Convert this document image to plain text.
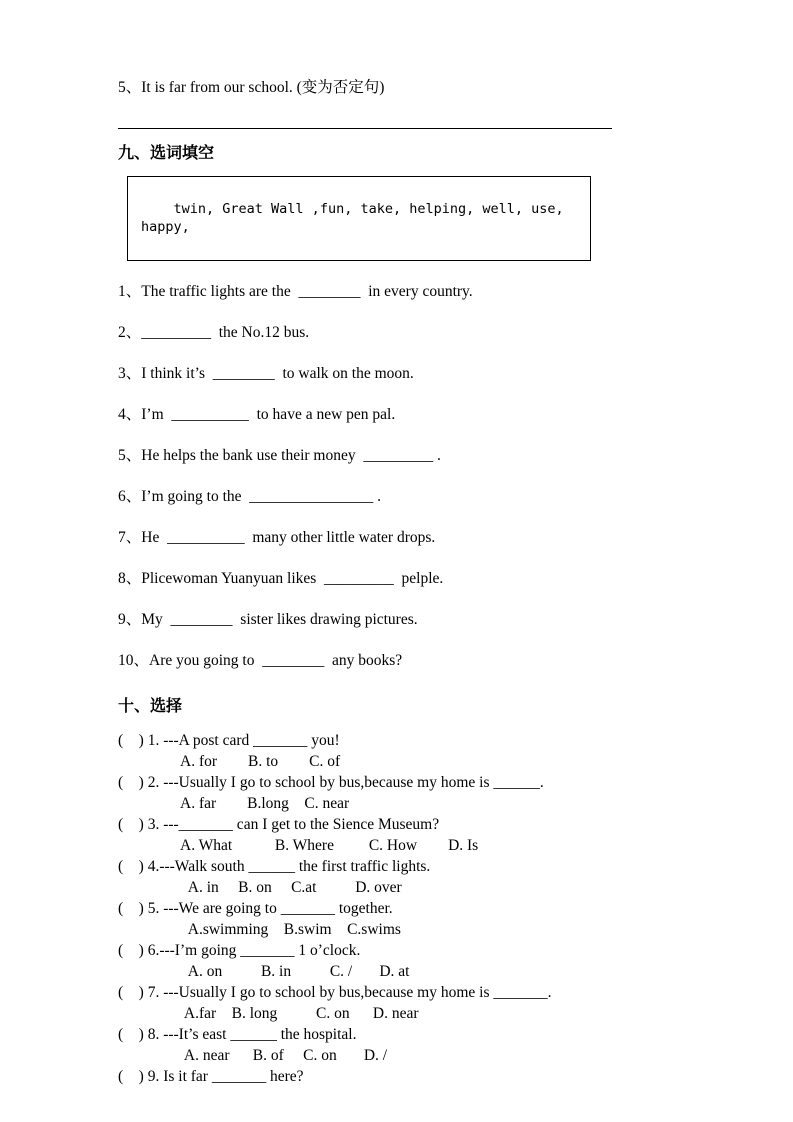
5、It is far from our school. (变为否定句)
九、选词填空

twin, Great Wall ,fun, take, helping, well, use, happy,

1、The traffic lights are the  ________  in every country.
2、_________  the No.12 bus.
3、I think it’s  ________  to walk on the moon.
4、I’m  __________  to have a new pen pal.
5、He helps the bank use their money  _________ .
6、I’m going to the  ________________ .
7、He  __________  many other little water drops.
8、Plicewoman Yuanyuan likes  _________  pelple.
9、My  ________  sister likes drawing pictures.
10、Are you going to  ________  any books?
十、选择
(    ) 1. ---A post card _______ you!
A. for        B. to        C. of
(    ) 2. ---Usually I go to school by bus,because my home is ______.
A. far        B.long    C. near
(    ) 3. ---_______ can I get to the Sience Museum?
A. What           B. Where         C. How        D. Is
(    ) 4.---Walk south ______ the first traffic lights.
A. in     B. on     C.at          D. over
(    ) 5. ---We are going to _______ together.
A.swimming    B.swim    C.swims
(    ) 6.---I’m going _______ 1 o’clock.
A. on          B. in          C. /       D. at
(    ) 7. ---Usually I go to school by bus,because my home is _______.
A.far    B. long          C. on      D. near
(    ) 8. ---It’s east ______ the hospital.
A. near      B. of     C. on       D. /
(    ) 9. Is it far _______ here?
